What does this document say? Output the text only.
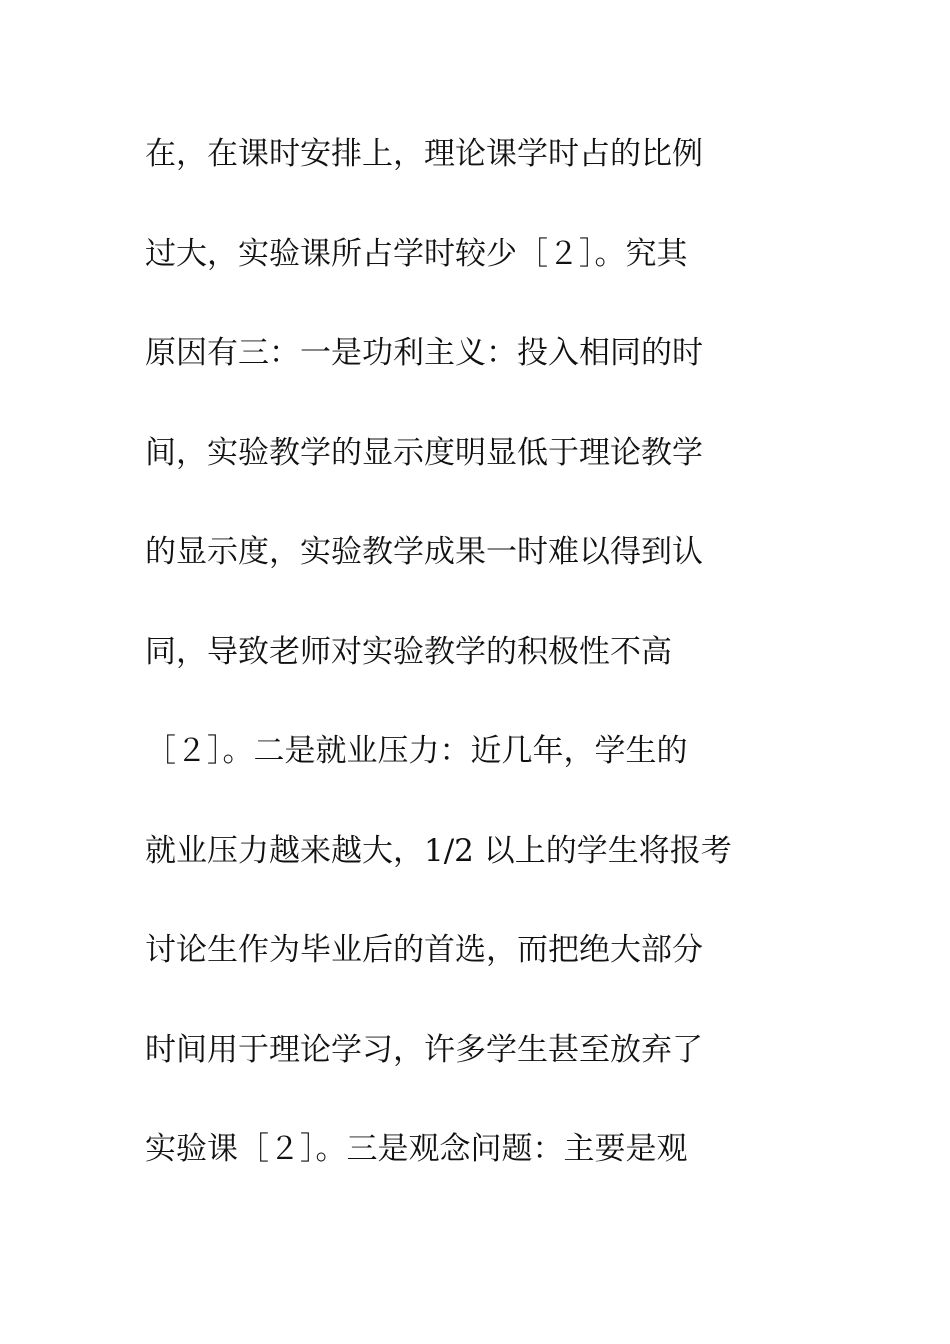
在，在课时安排上，理论课学时占的比例
过大，实验课所占学时较少［２］。究其
原因有三：一是功利主义：投入相同的时
间，实验教学的显示度明显低于理论教学
的显示度，实验教学成果一时难以得到认
同，导致老师对实验教学的积极性不高
［２］。二是就业压力：近几年，学生的
就业压力越来越大，1/2 以上的学生将报考
讨论生作为毕业后的首选，而把绝大部分
时间用于理论学习，许多学生甚至放弃了
实验课［２］。三是观念问题：主要是观
